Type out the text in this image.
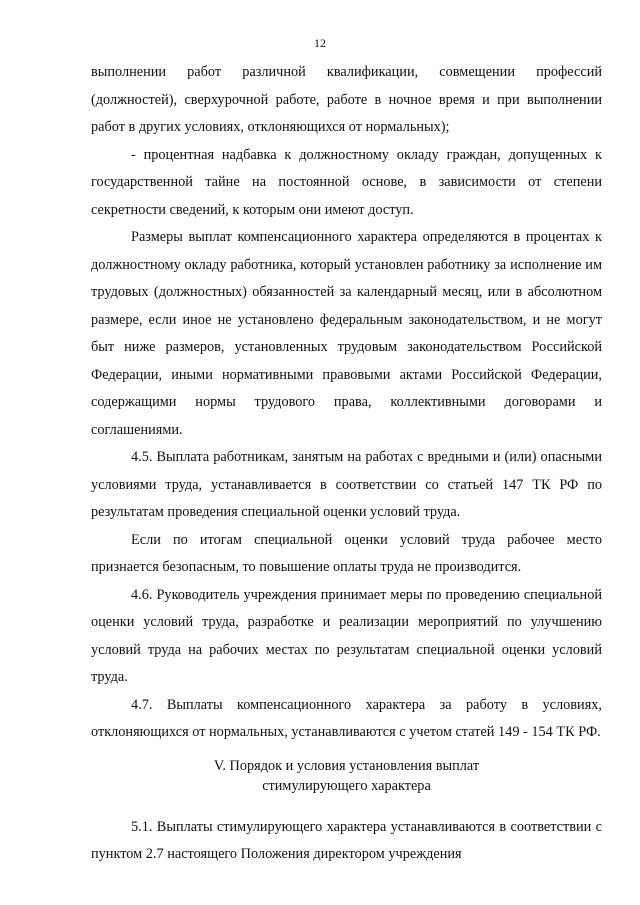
12

выполнении работ различной квалификации, совмещении профессий (должностей), сверхурочной работе, работе в ночное время и при выполнении работ в других условиях, отклоняющихся от нормальных);

- процентная надбавка к должностному окладу граждан, допущенных к государственной тайне на постоянной основе, в зависимости от степени секретности сведений, к которым они имеют доступ.

Размеры выплат компенсационного характера определяются в процентах к должностному окладу работника, который установлен работнику за исполнение им трудовых (должностных) обязанностей за календарный месяц, или в абсолютном размере, если иное не установлено федеральным законодательством, и не могут быт ниже размеров, установленных трудовым законодательством Российской Федерации, иными нормативными правовыми актами Российской Федерации, содержащими нормы трудового права, коллективными договорами и соглашениями.

4.5. Выплата работникам, занятым на работах с вредными и (или) опасными условиями труда, устанавливается в соответствии со статьей 147 ТК РФ по результатам проведения специальной оценки условий труда.

Если по итогам специальной оценки условий труда рабочее место признается безопасным, то повышение оплаты труда не производится.

4.6. Руководитель учреждения принимает меры по проведению специальной оценки условий труда, разработке и реализации мероприятий по улучшению условий труда на рабочих местах по результатам специальной оценки условий труда.

4.7. Выплаты компенсационного характера за работу в условиях, отклоняющихся от нормальных, устанавливаются с учетом статей 149 - 154 ТК РФ.

V. Порядок и условия установления выплат
стимулирующего характера

5.1. Выплаты стимулирующего характера устанавливаются в соответствии с пунктом 2.7 настоящего Положения директором учреждения
